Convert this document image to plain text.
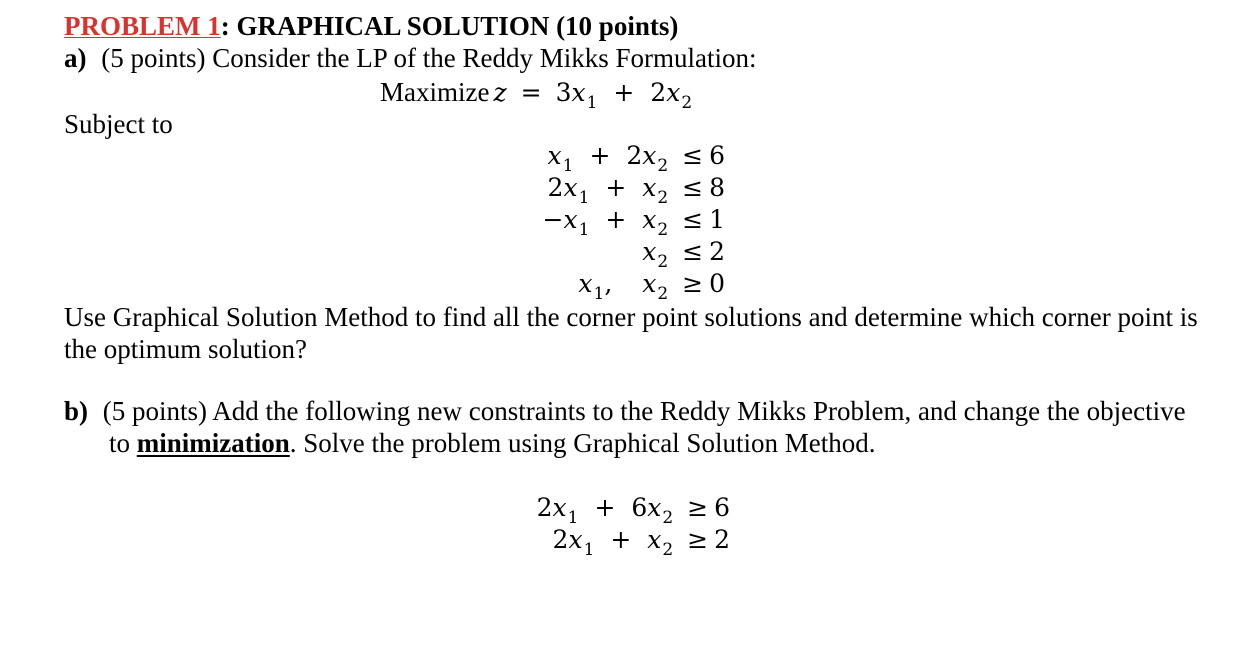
PROBLEM 1: GRAPHICAL SOLUTION (10 points)
a) (5 points) Consider the LP of the Reddy Mikks Formulation:
Maximize $z = 3x_1 + 2x_2$
Subject to
$x_1 + 2x_2 \le 6$
$2x_1 + x_2 \le 8$
$-x_1 + x_2 \le 1$
$x_2 \le 2$
$x_1$, $x_2 \ge 0$
Use Graphical Solution Method to find all the corner point solutions and determine which corner point is
the optimum solution?
b) (5 points) Add the following new constraints to the Reddy Mikks Problem, and change the objective
to minimization. Solve the problem using Graphical Solution Method.
$2x_1 + 6x_2 \ge 6$
$2x_1 + x_2 \ge 2$
